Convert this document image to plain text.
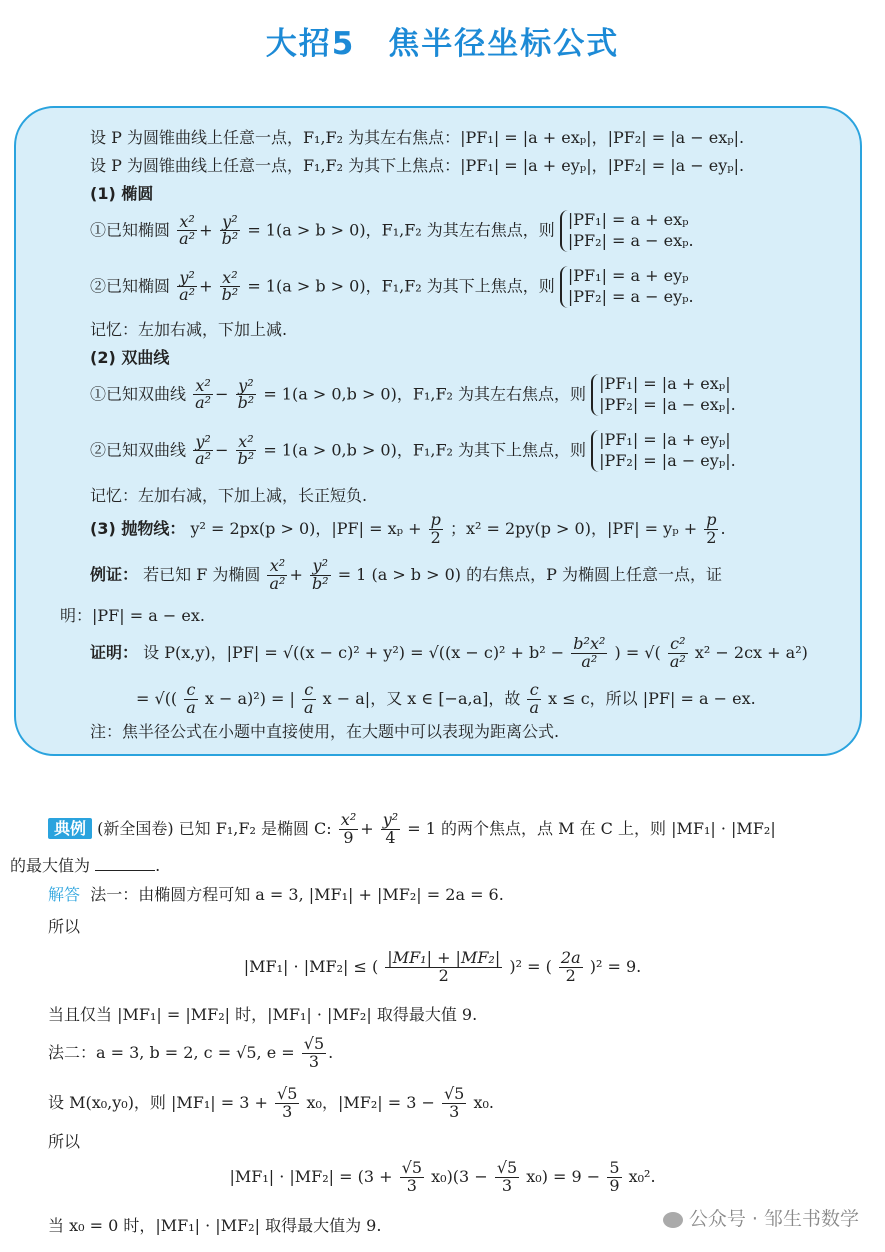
大招5　焦半径坐标公式
设 P 为圆锥曲线上任意一点，F₁,F₂ 为其左右焦点：|PF₁| = |a + exₚ|，|PF₂| = |a − exₚ|.
设 P 为圆锥曲线上任意一点，F₁,F₂ 为其下上焦点：|PF₁| = |a + eyₚ|，|PF₂| = |a − eyₚ|.
(1) 椭圆
①已知椭圆 $\frac{\text{x²}}{\text{a²}} + \frac{\text{y²}}{\text{b²}} = 1(a > b > 0)$，F₁,F₂ 为其左右焦点，则
|PF₁| = a + exₚ
|PF₂| = a − exₚ.
②已知椭圆 $\frac{\text{y²}}{\text{a²}} + \frac{\text{x²}}{\text{b²}} = 1(a > b > 0)$，F₁,F₂ 为其下上焦点，则
|PF₁| = a + eyₚ
|PF₂| = a − eyₚ.
记忆：左加右减，下加上减.
(2) 双曲线
①已知双曲线 $\frac{\text{x²}}{\text{a²}} - \frac{\text{y²}}{\text{b²}} = 1(a > 0,b > 0)$，F₁,F₂ 为其左右焦点，则
|PF₁| = |a + exₚ|
|PF₂| = |a − exₚ|.
②已知双曲线 $\frac{\text{y²}}{\text{a²}} - \frac{\text{x²}}{\text{b²}} = 1(a > 0,b > 0)$，F₁,F₂ 为其下上焦点，则
|PF₁| = |a + eyₚ|
|PF₂| = |a − eyₚ|.
记忆：左加右减，下加上减，长正短负.
(3) 抛物线： y² = 2px(p > 0)，$|PF| = x_p + \frac{p}{2}$ ；x² = 2py(p > 0)，$|PF| = y_p + \frac{p}{2}$ .
例证： 若已知 F 为椭圆 $\frac{\text{x²}}{\text{a²}} + \frac{\text{y²}}{\text{b²}} = 1$ (a > b > 0) 的右焦点，P 为椭圆上任意一点，证
明：|PF| = a − ex.
证明： 设 P(x,y)，$|PF| = √((x - c)^2 + y^2) = √((x - c)^2 + b^2 - \frac{\text{b²x²}}{\text{a²}}$ ) = √( $\frac{\text{c²}}{\text{a²}} x^2 - 2cx + a^2$)
= √(( $\frac{c}{a}$ x − a)²) = | $\frac{c}{a}$ x − a|，又 x ∈ [−a,a]，故 $\frac{c}{a}$ x ≤ c，所以 |PF| = a − ex.
注：焦半径公式在小题中直接使用，在大题中可以表现为距离公式.
典例 (新全国卷) 已知 F₁,F₂ 是椭圆 C: $\frac{\text{x²}}{9} + \frac{\text{y²}}{4} = 1$ 的两个焦点，点 M 在 C 上，则 |MF₁| · |MF₂|
的最大值为	.
解答 法一：由椭圆方程可知 a = 3, |MF₁| + |MF₂| = 2a = 6.
所以
|MF₁| · |MF₂| ≤ ( $\frac{\text{|MF₁| + |MF₂|}}{2} )^2$ = ( $\frac{2a}{2} )^2 = 9$.
当且仅当 |MF₁| = |MF₂| 时，|MF₁| · |MF₂| 取得最大值 9.
法二：a = 3, b = 2, c = √5, $e = \frac{√5}{3}$ .
设 M(x₀,y₀)，则 $|MF_1| = 3 + \frac{√5}{3} x_0$，$|MF_2| = 3 - \frac{√5}{3} x_0$.
所以
$|MF_1| \cdot |MF_2| = (3 + \frac{√5}{3} x_0)(3 - \frac{√5}{3} x_0) = 9 - \frac{5}{9} x_0^2$.
当 x₀ = 0 时，|MF₁| · |MF₂| 取得最大值为 9.	公众号 · 邹生书数学
